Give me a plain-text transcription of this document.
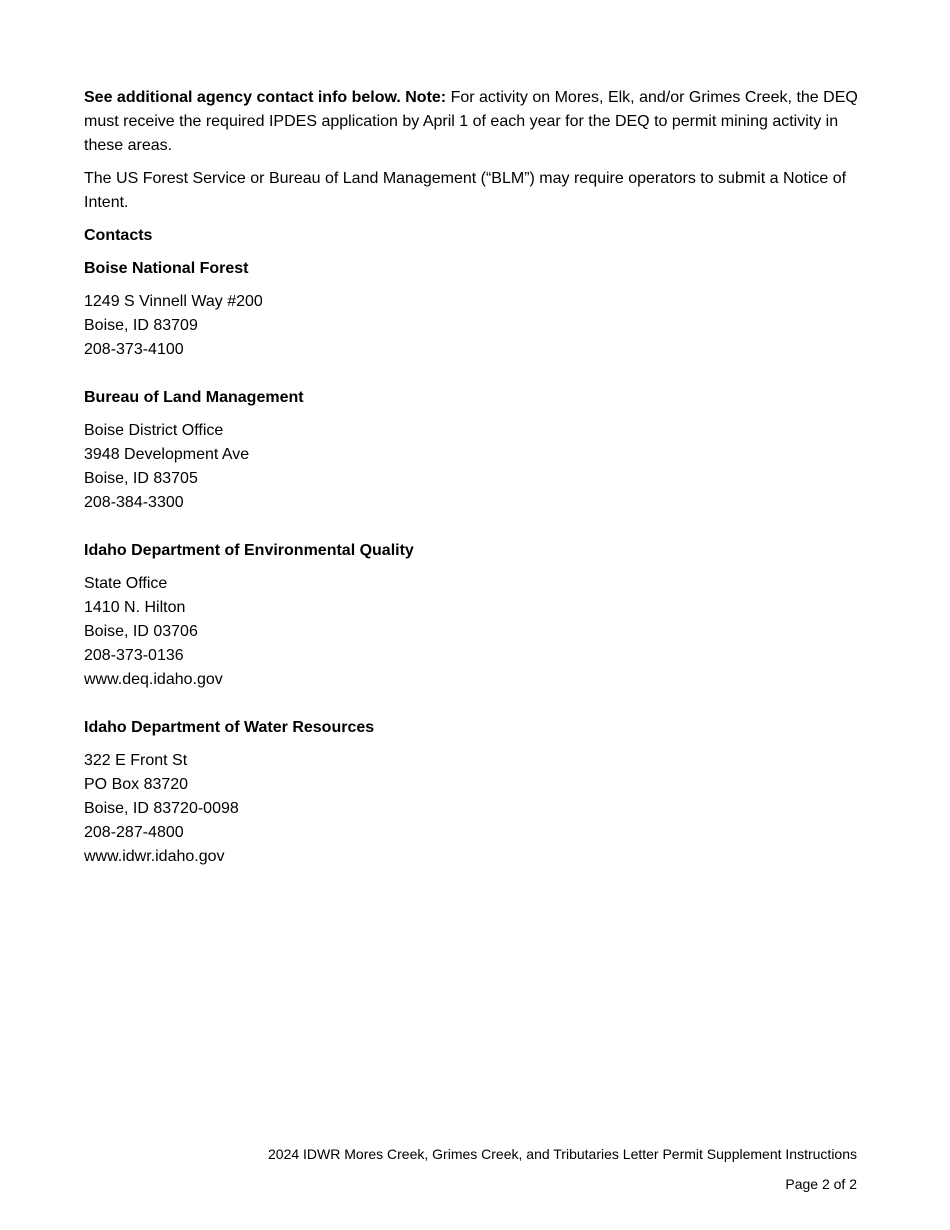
See additional agency contact info below. Note: For activity on Mores, Elk, and/or Grimes Creek, the DEQ must receive the required IPDES application by April 1 of each year for the DEQ to permit mining activity in these areas.

The US Forest Service or Bureau of Land Management (“BLM”) may require operators to submit a Notice of Intent.

Contacts

Boise National Forest

1249 S Vinnell Way #200
Boise, ID 83709
208-373-4100

Bureau of Land Management

Boise District Office
3948 Development Ave
Boise, ID 83705
208-384-3300

Idaho Department of Environmental Quality

State Office
1410 N. Hilton
Boise, ID 03706
208-373-0136
www.deq.idaho.gov

Idaho Department of Water Resources

322 E Front St
PO Box 83720
Boise, ID 83720-0098
208-287-4800
www.idwr.idaho.gov
2024 IDWR Mores Creek, Grimes Creek, and Tributaries Letter Permit Supplement Instructions
Page 2 of 2
